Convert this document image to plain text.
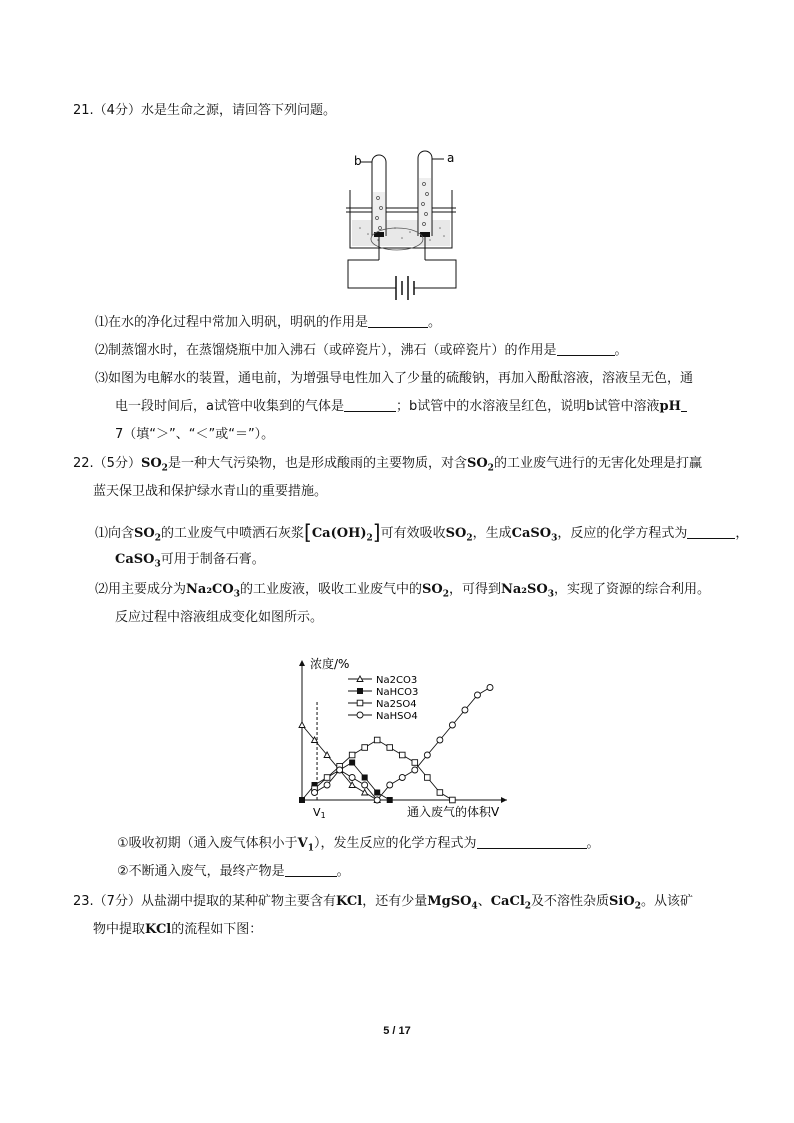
21.（4分）水是生命之源，请回答下列问题。
b	a
⑴在水的净化过程中常加入明矾，明矾的作用是	。
⑵制蒸馏水时，在蒸馏烧瓶中加入沸石（或碎瓷片），沸石（或碎瓷片）的作用是	。
⑶如图为电解水的装置，通电前，为增强导电性加入了少量的硫酸钠，再加入酚酞溶液，溶液呈无色，通
电一段时间后，a试管中收集到的气体是	；b试管中的水溶液呈红色，说明b试管中溶液pH
7（填“＞”、“＜”或“＝”）。
22.（5分）$SO_2$是一种大气污染物，也是形成酸雨的主要物质，对含$SO_2$的工业废气进行的无害化处理是打赢
蓝天保卫战和保护绿水青山的重要措施。
⑴向含$SO_2$的工业废气中喷洒石灰浆$[Ca(OH)_2]$可有效吸收$SO_2$，生成CaSO$_3$，反应的化学方程式为	，
CaSO$_3$可用于制备石膏。
⑵用主要成分为$Na_2CO_3$的工业废液，吸收工业废气中的$SO_2$，可得到$Na_2SO_3$，实现了资源的综合利用。
反应过程中溶液组成变化如图所示。
浓度/%
通入废气的体积V
V1
Na2CO3
NaHCO3
Na2SO4
NaHSO4
①吸收初期（通入废气体积小于$V_1$），发生反应的化学方程式为	。
②不断通入废气，最终产物是	。
23.（7分）从盐湖中提取的某种矿物主要含有KCl，还有少量MgSO$_4$、CaCl$_2$及不溶性杂质SiO$_2$。从该矿
物中提取KCl的流程如下图：
5 / 17
